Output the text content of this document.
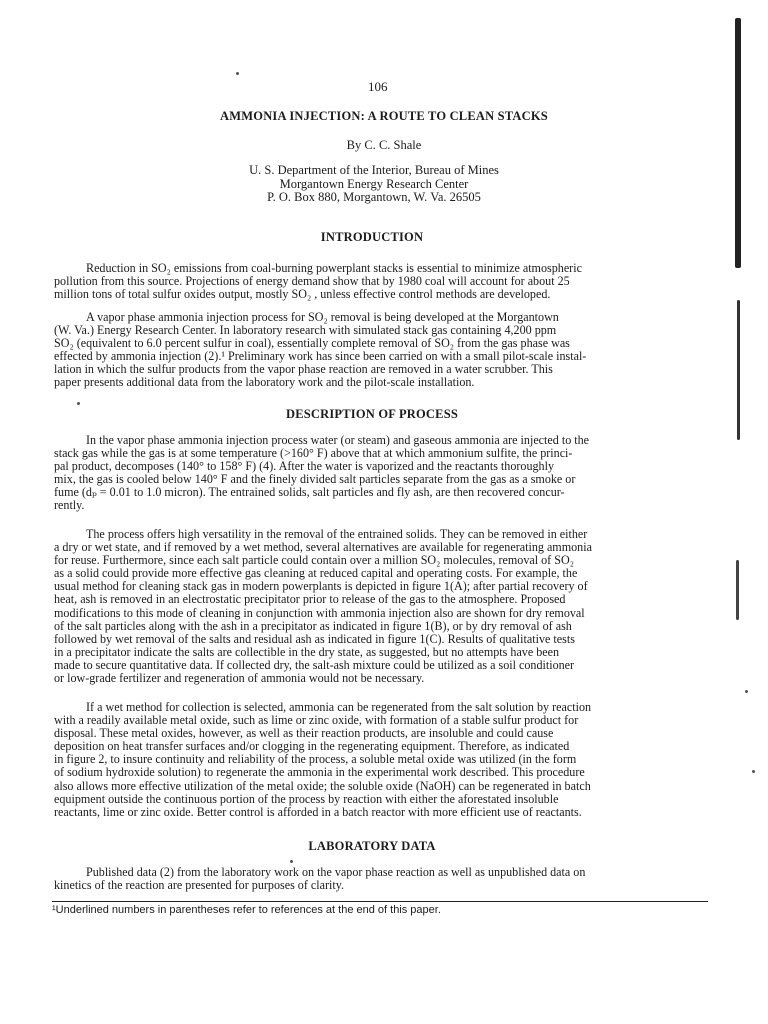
106
AMMONIA INJECTION: A ROUTE TO CLEAN STACKS
By C. C. Shale
U. S. Department of the Interior, Bureau of Mines
Morgantown Energy Research Center
P. O. Box 880, Morgantown, W. Va. 26505
INTRODUCTION
Reduction in SO₂ emissions from coal-burning powerplant stacks is essential to minimize atmospheric
pollution from this source. Projections of energy demand show that by 1980 coal will account for about 25
million tons of total sulfur oxides output, mostly SO₂ , unless effective control methods are developed.
A vapor phase ammonia injection process for SO₂ removal is being developed at the Morgantown
(W. Va.) Energy Research Center. In laboratory research with simulated stack gas containing 4,200 ppm
SO₂ (equivalent to 6.0 percent sulfur in coal), essentially complete removal of SO₂ from the gas phase was
effected by ammonia injection (2).¹ Preliminary work has since been carried on with a small pilot-scale instal-
lation in which the sulfur products from the vapor phase reaction are removed in a water scrubber. This
paper presents additional data from the laboratory work and the pilot-scale installation.
DESCRIPTION OF PROCESS
In the vapor phase ammonia injection process water (or steam) and gaseous ammonia are injected to the
stack gas while the gas is at some temperature (>160° F) above that at which ammonium sulfite, the princi-
pal product, decomposes (140° to 158° F) (4). After the water is vaporized and the reactants thoroughly
mix, the gas is cooled below 140° F and the finely divided salt particles separate from the gas as a smoke or
fume (dₚ = 0.01 to 1.0 micron). The entrained solids, salt particles and fly ash, are then recovered concur-
rently.
The process offers high versatility in the removal of the entrained solids. They can be removed in either
a dry or wet state, and if removed by a wet method, several alternatives are available for regenerating ammonia
for reuse. Furthermore, since each salt particle could contain over a million SO₂ molecules, removal of SO₂
as a solid could provide more effective gas cleaning at reduced capital and operating costs. For example, the
usual method for cleaning stack gas in modern powerplants is depicted in figure 1(A); after partial recovery of
heat, ash is removed in an electrostatic precipitator prior to release of the gas to the atmosphere. Proposed
modifications to this mode of cleaning in conjunction with ammonia injection also are shown for dry removal
of the salt particles along with the ash in a precipitator as indicated in figure 1(B), or by dry removal of ash
followed by wet removal of the salts and residual ash as indicated in figure 1(C). Results of qualitative tests
in a precipitator indicate the salts are collectible in the dry state, as suggested, but no attempts have been
made to secure quantitative data. If collected dry, the salt-ash mixture could be utilized as a soil conditioner
or low-grade fertilizer and regeneration of ammonia would not be necessary.
If a wet method for collection is selected, ammonia can be regenerated from the salt solution by reaction
with a readily available metal oxide, such as lime or zinc oxide, with formation of a stable sulfur product for
disposal. These metal oxides, however, as well as their reaction products, are insoluble and could cause
deposition on heat transfer surfaces and/or clogging in the regenerating equipment. Therefore, as indicated
in figure 2, to insure continuity and reliability of the process, a soluble metal oxide was utilized (in the form
of sodium hydroxide solution) to regenerate the ammonia in the experimental work described. This procedure
also allows more effective utilization of the metal oxide; the soluble oxide (NaOH) can be regenerated in batch
equipment outside the continuous portion of the process by reaction with either the aforestated insoluble
reactants, lime or zinc oxide. Better control is afforded in a batch reactor with more efficient use of reactants.
LABORATORY DATA
Published data (2) from the laboratory work on the vapor phase reaction as well as unpublished data on
kinetics of the reaction are presented for purposes of clarity.
¹Underlined numbers in parentheses refer to references at the end of this paper.
